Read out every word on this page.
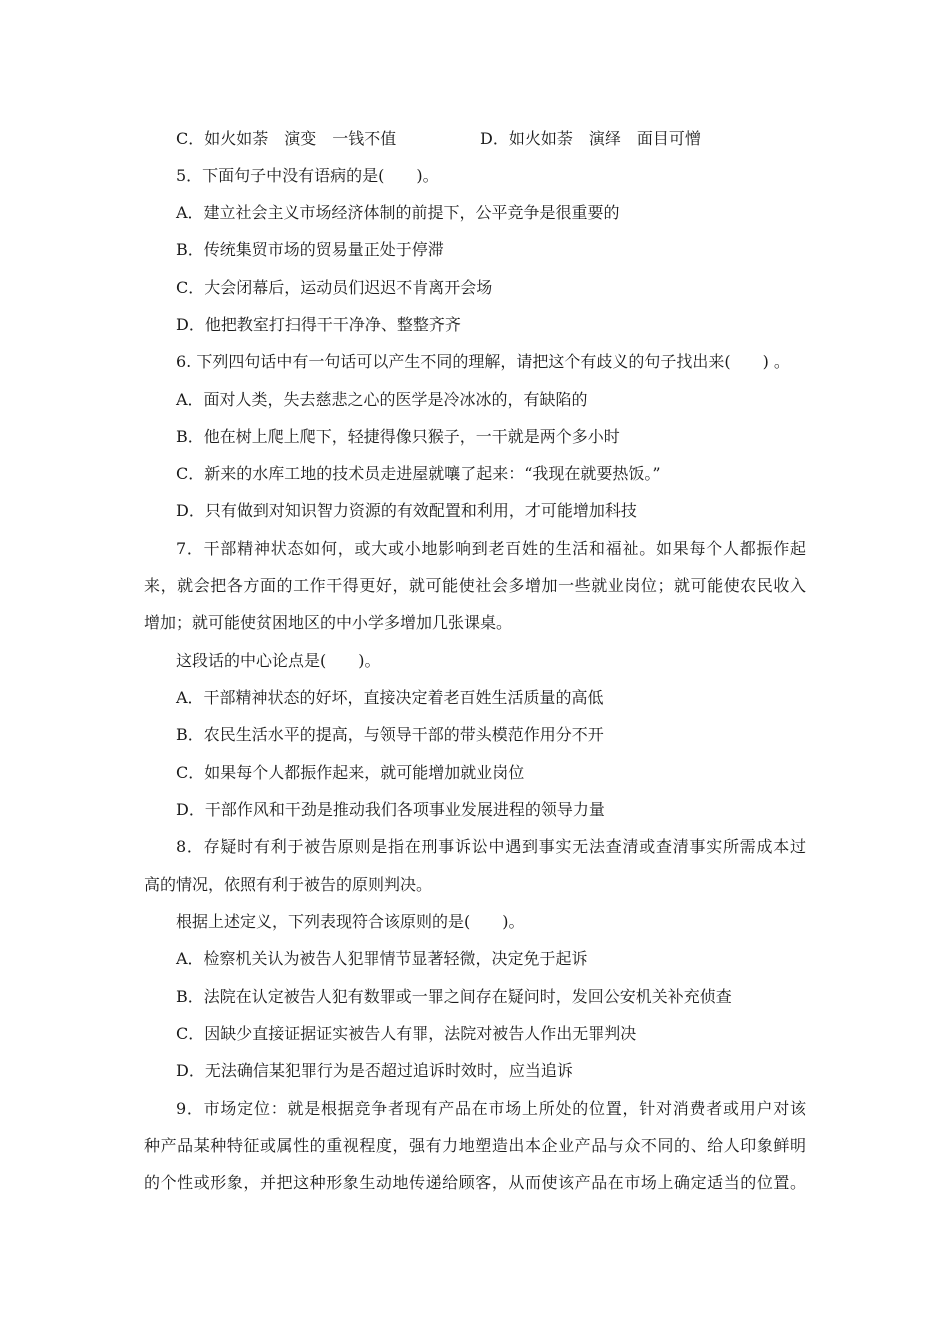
C．如火如荼　演变　一钱不值	D．如火如荼　演绎　面目可憎
5．下面句子中没有语病的是(　　)。
A．建立社会主义市场经济体制的前提下，公平竞争是很重要的
B．传统集贸市场的贸易量正处于停滞
C．大会闭幕后，运动员们迟迟不肯离开会场
D．他把教室打扫得干干净净、整整齐齐
6. 下列四句话中有一句话可以产生不同的理解，请把这个有歧义的句子找出来(　　) 。
A．面对人类，失去慈悲之心的医学是冷冰冰的，有缺陷的
B．他在树上爬上爬下，轻捷得像只猴子，一干就是两个多小时
C．新来的水库工地的技术员走进屋就嚷了起来：“我现在就要热饭。”
D．只有做到对知识智力资源的有效配置和利用，才可能增加科技
7．干部精神状态如何，或大或小地影响到老百姓的生活和福祉。如果每个人都振作起
来，就会把各方面的工作干得更好，就可能使社会多增加一些就业岗位；就可能使农民收入
增加；就可能使贫困地区的中小学多增加几张课桌。
这段话的中心论点是(　　)。
A．干部精神状态的好坏，直接决定着老百姓生活质量的高低
B．农民生活水平的提高，与领导干部的带头模范作用分不开
C．如果每个人都振作起来，就可能增加就业岗位
D．干部作风和干劲是推动我们各项事业发展进程的领导力量
8．存疑时有利于被告原则是指在刑事诉讼中遇到事实无法查清或查清事实所需成本过
高的情况，依照有利于被告的原则判决。
根据上述定义，下列表现符合该原则的是(　　)。
A．检察机关认为被告人犯罪情节显著轻微，决定免于起诉
B．法院在认定被告人犯有数罪或一罪之间存在疑问时，发回公安机关补充侦查
C．因缺少直接证据证实被告人有罪，法院对被告人作出无罪判决
D．无法确信某犯罪行为是否超过追诉时效时，应当追诉
9．市场定位：就是根据竞争者现有产品在市场上所处的位置，针对消费者或用户对该
种产品某种特征或属性的重视程度，强有力地塑造出本企业产品与众不同的、给人印象鲜明
的个性或形象，并把这种形象生动地传递给顾客，从而使该产品在市场上确定适当的位置。
